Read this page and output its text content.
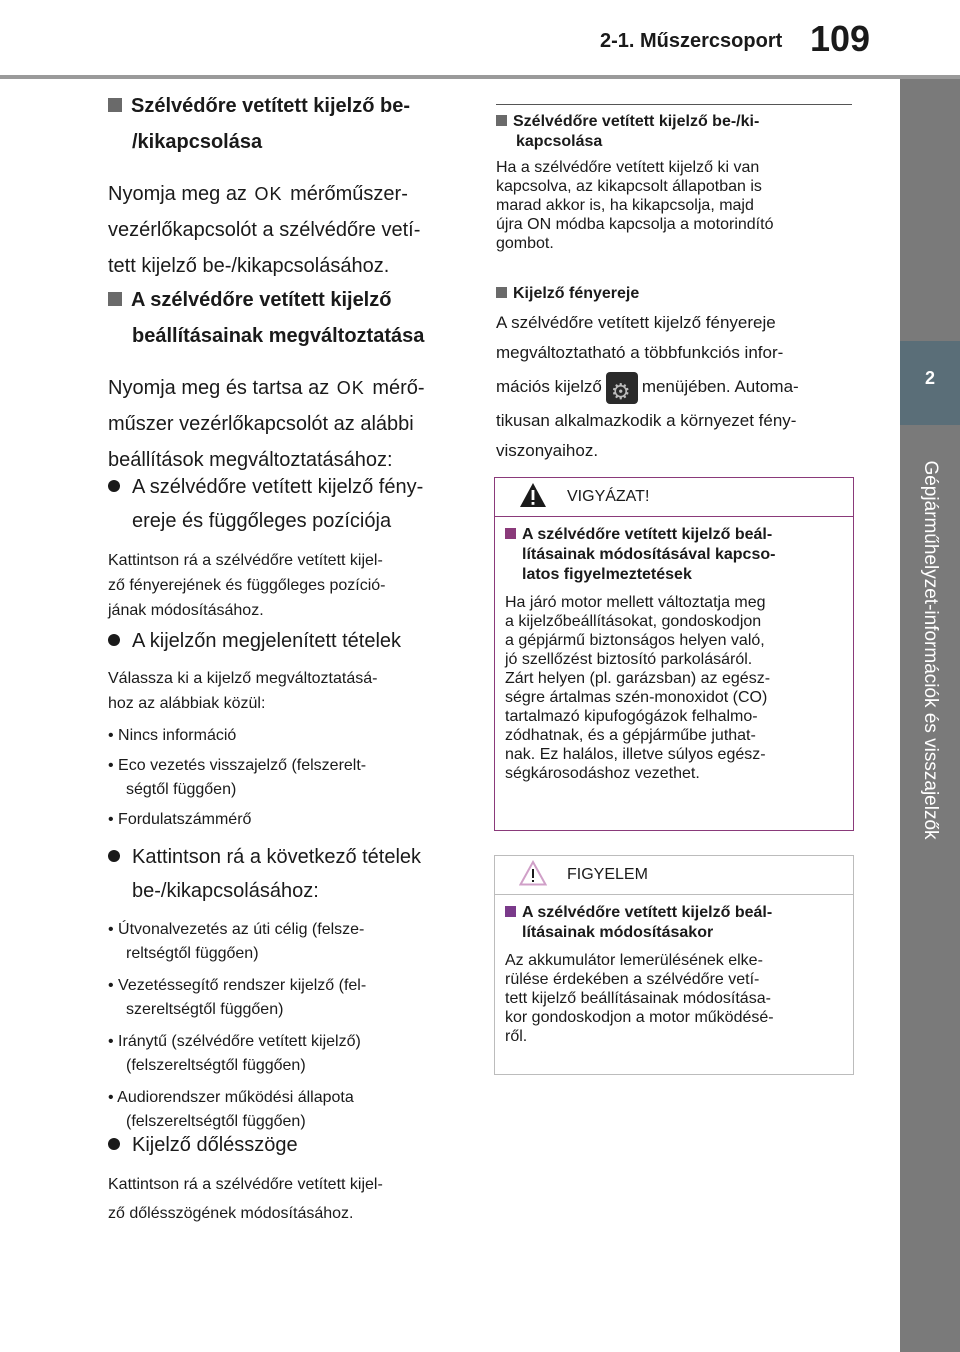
2-1. Műszercsoport 109
2
Gépjárműhelyzet-információk és visszajelzők
Szélvédőre vetített kijelző be-
/kikapcsolása
Nyomja meg az OK mérőműszer-
vezérlőkapcsolót a szélvédőre vetí-
tett kijelző be-/kikapcsolásához.
A szélvédőre vetített kijelző
beállításainak megváltoztatása
Nyomja meg és tartsa az OK mérő-
műszer vezérlőkapcsolót az alábbi
beállítások megváltoztatásához:
A szélvédőre vetített kijelző fény-
ereje és függőleges pozíciója
Kattintson rá a szélvédőre vetített kijel-
ző fényerejének és függőleges pozíció-
jának módosításához.
A kijelzőn megjelenített tételek
Válassza ki a kijelző megváltoztatásá-
hoz az alábbiak közül:
• Nincs információ
• Eco vezetés visszajelző (felszerelt-
ségtől függően)
• Fordulatszámmérő
Kattintson rá a következő tételek
be-/kikapcsolásához:
• Útvonalvezetés az úti célig (felsze-
reltségtől függően)
• Vezetéssegítő rendszer kijelző (fel-
szereltségtől függően)
• Iránytű (szélvédőre vetített kijelző)
(felszereltségtől függően)
• Audiorendszer működési állapota
(felszereltségtől függően)
Kijelző dőlésszöge
Kattintson rá a szélvédőre vetített kijel-
ző dőlésszögének módosításához.
Szélvédőre vetített kijelző be-/ki-
kapcsolása
Ha a szélvédőre vetített kijelző ki van
kapcsolva, az kikapcsolt állapotban is
marad akkor is, ha kikapcsolja, majd
újra ON módba kapcsolja a motorindító
gombot.
Kijelző fényereje
A szélvédőre vetített kijelző fényereje
megváltoztatható a többfunkciós infor-
mációs kijelző⚙ menüjében. Automa-
tikusan alkalmazkodik a környezet fény-
viszonyaihoz.
VIGYÁZAT!
A szélvédőre vetített kijelző beál-
lításainak módosításával kapcso-
latos figyelmeztetések
Ha járó motor mellett változtatja meg
a kijelzőbeállításokat, gondoskodjon
a gépjármű biztonságos helyen való,
jó szellőzést biztosító parkolásáról.
Zárt helyen (pl. garázsban) az egész-
ségre ártalmas szén-monoxidot (CO)
tartalmazó kipufogógázok felhalmo-
zódhatnak, és a gépjárműbe juthat-
nak. Ez halálos, illetve súlyos egész-
ségkárosodáshoz vezethet.
FIGYELEM
A szélvédőre vetített kijelző beál-
lításainak módosításakor
Az akkumulátor lemerülésének elke-
rülése érdekében a szélvédőre vetí-
tett kijelző beállításainak módosítása-
kor gondoskodjon a motor működésé-
ről.
